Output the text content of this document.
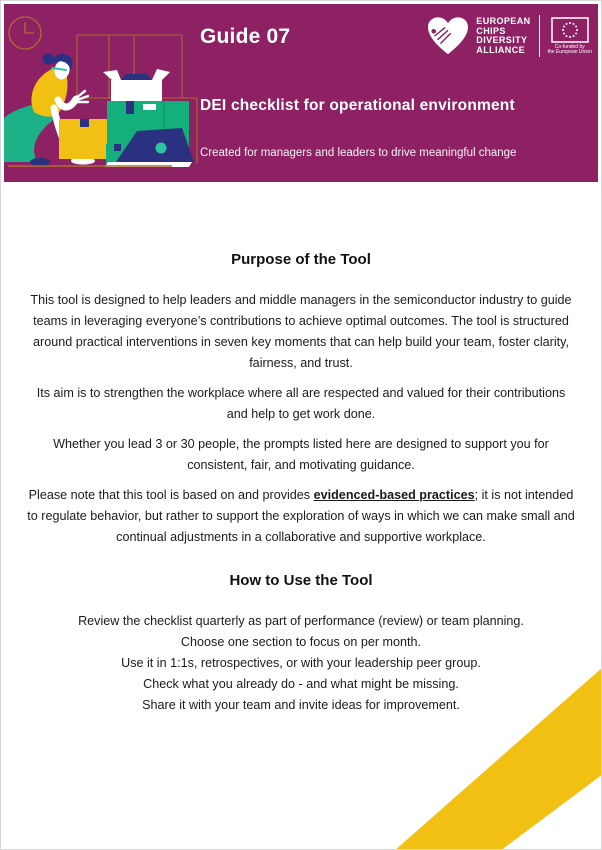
Guide 07
DEI checklist for operational environment

Created for managers and leaders to drive meaningful change

EUROPEAN
CHIPS
DIVERSITY
ALLIANCE	Co-funded by
the European Union
Purpose of the Tool

This tool is designed to help leaders and middle managers in the semiconductor industry to guide teams in leveraging everyone’s contributions to achieve optimal outcomes. The tool is structured around practical interventions in seven key moments that can help build your team, foster clarity, fairness, and trust.

Its aim is to strengthen the workplace where all are respected and valued for their contributions and help to get work done.

Whether you lead 3 or 30 people, the prompts listed here are designed to support you for consistent, fair, and motivating guidance.

Please note that this tool is based on and provides evidenced-based practices; it is not intended to regulate behavior, but rather to support the exploration of ways in which we can make small and continual adjustments in a collaborative and supportive workplace.

How to Use the Tool

Review the checklist quarterly as part of performance (review) or team planning.

Choose one section to focus on per month.

Use it in 1:1s, retrospectives, or with your leadership peer group.

Check what you already do - and what might be missing.

Share it with your team and invite ideas for improvement.
